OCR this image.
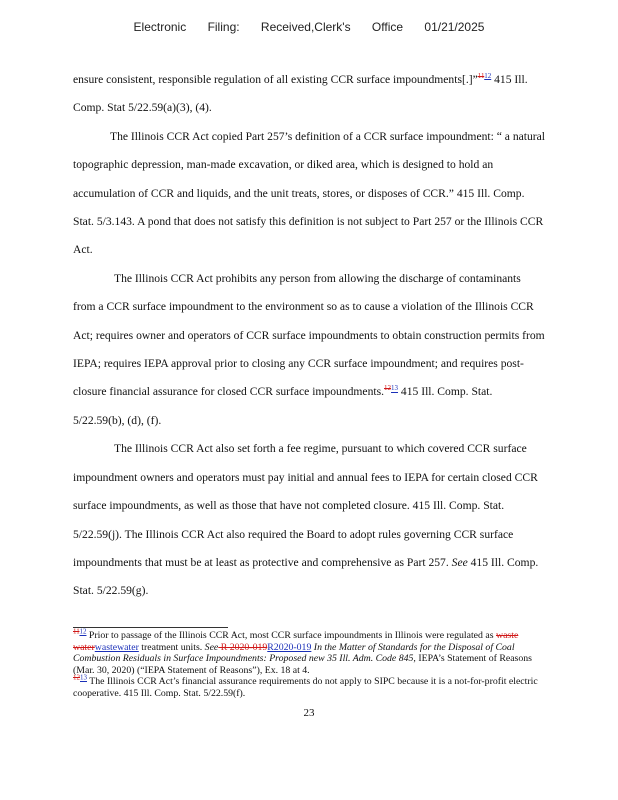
Electronic Filing: Received,Clerk's Office 01/21/2025

ensure consistent, responsible regulation of all existing CCR surface impoundments[.]”$^{1112}$ 415 Ill. Comp. Stat 5/22.59(a)(3), (4).

The Illinois CCR Act copied Part 257’s definition of a CCR surface impoundment: “ a natural topographic depression, man-made excavation, or diked area, which is designed to hold an accumulation of CCR and liquids, and the unit treats, stores, or disposes of CCR.” 415 Ill. Comp. Stat. 5/3.143. A pond that does not satisfy this definition is not subject to Part 257 or the Illinois CCR Act.

The Illinois CCR Act prohibits any person from allowing the discharge of contaminants from a CCR surface impoundment to the environment so as to cause a violation of the Illinois CCR Act; requires owner and operators of CCR surface impoundments to obtain construction permits from IEPA; requires IEPA approval prior to closing any CCR surface impoundment; and requires post-closure financial assurance for closed CCR surface impoundments.$^{1213}$ 415 Ill. Comp. Stat. 5/22.59(b), (d), (f).

The Illinois CCR Act also set forth a fee regime, pursuant to which covered CCR surface impoundment owners and operators must pay initial and annual fees to IEPA for certain closed CCR surface impoundments, as well as those that have not completed closure. 415 Ill. Comp. Stat. 5/22.59(j). The Illinois CCR Act also required the Board to adopt rules governing CCR surface impoundments that must be at least as protective and comprehensive as Part 257. See 415 Ill. Comp. Stat. 5/22.59(g).

$^{1112}$ Prior to passage of the Illinois CCR Act, most CCR surface impoundments in Illinois were regulated as waste waterwastewater treatment units. See R 2020-019R2020-019 In the Matter of Standards for the Disposal of Coal Combustion Residuals in Surface Impoundments: Proposed new 35 Ill. Adm. Code 845, IEPA’s Statement of Reasons (Mar. 30, 2020) (“IEPA Statement of Reasons”), Ex. 18 at 4.

$^{1213}$ The Illinois CCR Act’s financial assurance requirements do not apply to SIPC because it is a not-for-profit electric cooperative. 415 Ill. Comp. Stat. 5/22.59(f).

23
